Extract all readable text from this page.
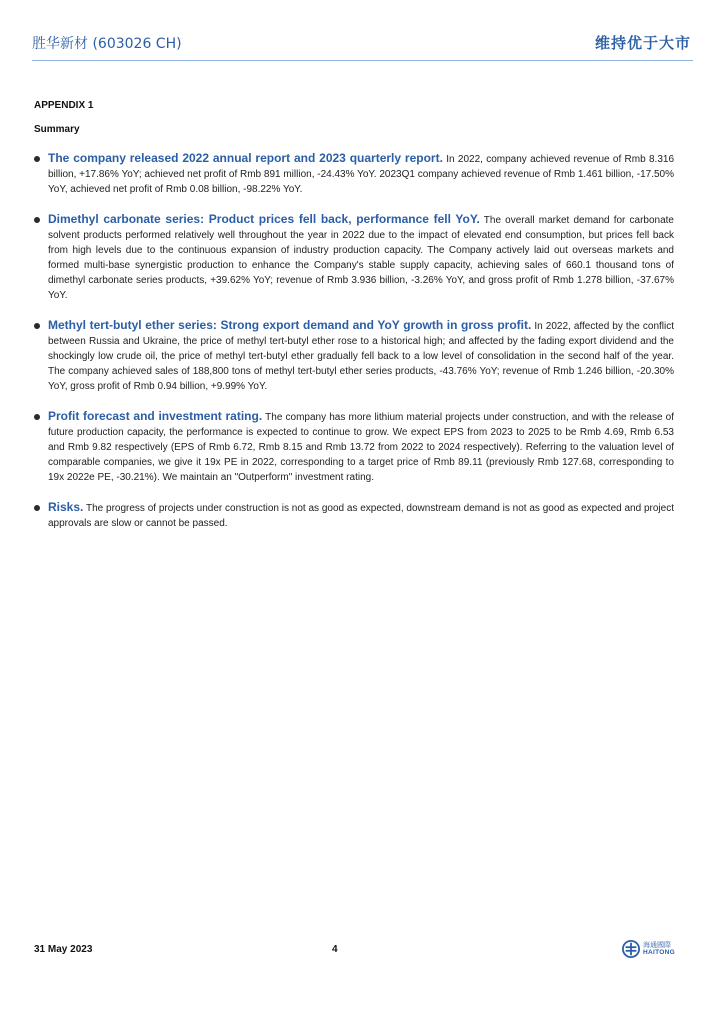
胜华新材 (603026 CH)	维持优于大市
APPENDIX 1
Summary
The company released 2022 annual report and 2023 quarterly report. In 2022, company achieved revenue of Rmb 8.316 billion, +17.86% YoY; achieved net profit of Rmb 891 million, -24.43% YoY. 2023Q1 company achieved revenue of Rmb 1.461 billion, -17.50% YoY, achieved net profit of Rmb 0.08 billion, -98.22% YoY.
Dimethyl carbonate series: Product prices fell back, performance fell YoY. The overall market demand for carbonate solvent products performed relatively well throughout the year in 2022 due to the impact of elevated end consumption, but prices fell back from high levels due to the continuous expansion of industry production capacity. The Company actively laid out overseas markets and formed multi-base synergistic production to enhance the Company's stable supply capacity, achieving sales of 660.1 thousand tons of dimethyl carbonate series products, +39.62% YoY; revenue of Rmb 3.936 billion, -3.26% YoY, and gross profit of Rmb 1.278 billion, -37.67% YoY.
Methyl tert-butyl ether series: Strong export demand and YoY growth in gross profit. In 2022, affected by the conflict between Russia and Ukraine, the price of methyl tert-butyl ether rose to a historical high; and affected by the fading export dividend and the shockingly low crude oil, the price of methyl tert-butyl ether gradually fell back to a low level of consolidation in the second half of the year. The company achieved sales of 188,800 tons of methyl tert-butyl ether series products, -43.76% YoY; revenue of Rmb 1.246 billion, -20.30% YoY, gross profit of Rmb 0.94 billion, +9.99% YoY.
Profit forecast and investment rating. The company has more lithium material projects under construction, and with the release of future production capacity, the performance is expected to continue to grow. We expect EPS from 2023 to 2025 to be Rmb 4.69, Rmb 6.53 and Rmb 9.82 respectively (EPS of Rmb 6.72, Rmb 8.15 and Rmb 13.72 from 2022 to 2024 respectively). Referring to the valuation level of comparable companies, we give it 19x PE in 2022, corresponding to a target price of Rmb 89.11 (previously Rmb 127.68, corresponding to 19x 2022e PE, -30.21%). We maintain an "Outperform" investment rating.
Risks. The progress of projects under construction is not as good as expected, downstream demand is not as good as expected and project approvals are slow or cannot be passed.
31 May 2023	4	海通國際
HAITONG
